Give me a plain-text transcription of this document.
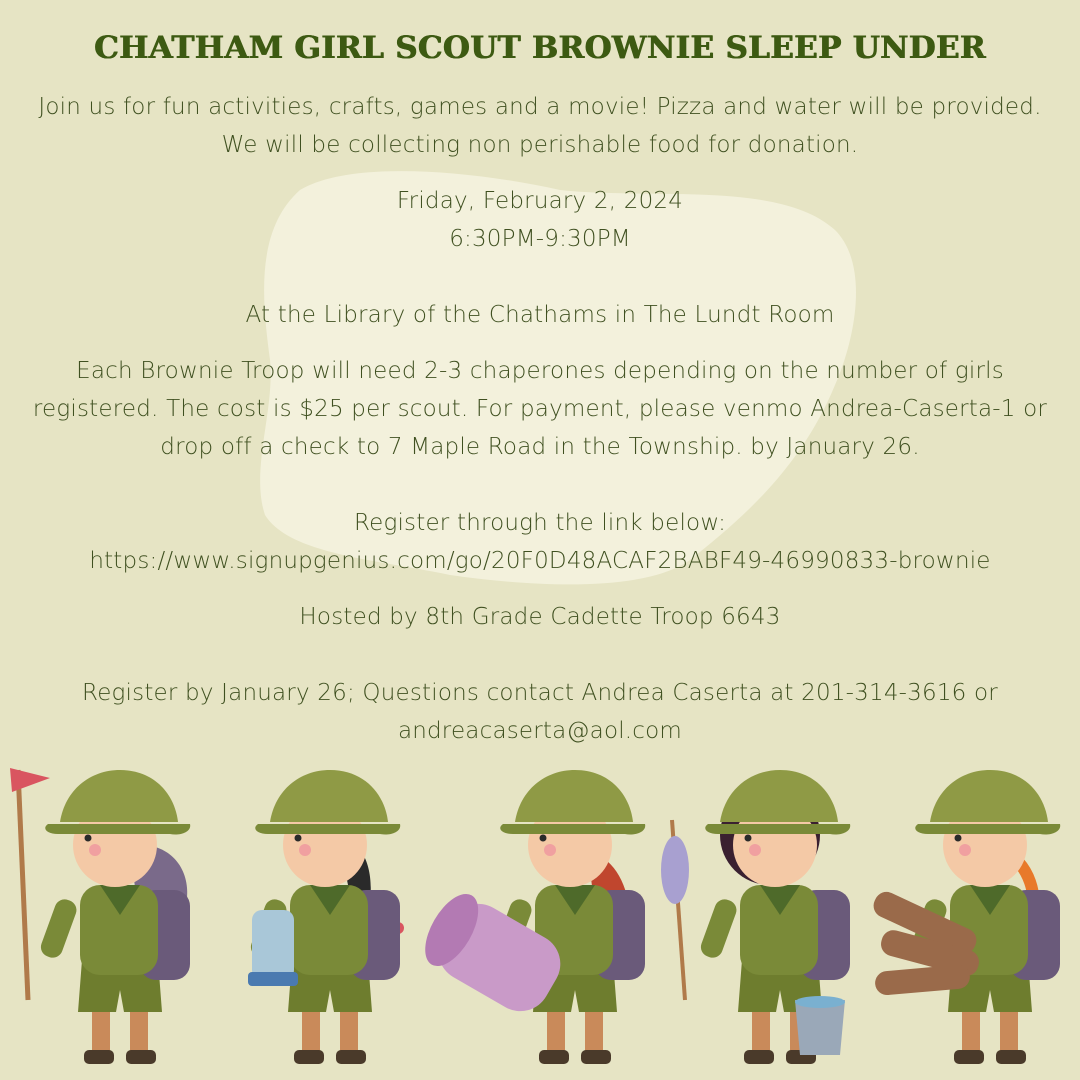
CHATHAM GIRL SCOUT BROWNIE SLEEP UNDER

Join us for fun activities, crafts, games and a movie! Pizza and water will be provided.

We will be collecting non perishable food for donation.

Friday, February 2, 2024

6:30PM-9:30PM

At the Library of the Chathams in The Lundt Room

Each Brownie Troop will need 2-3 chaperones depending on the number of girls

registered. The cost is $25 per scout. For payment, please venmo Andrea-Caserta-1 or

drop off a check to 7 Maple Road in the Township. by January 26.

Register through the link below:

https://www.signupgenius.com/go/20F0D48ACAF2BABF49-46990833-brownie

Hosted by 8th Grade Cadette Troop 6643

Register by January 26; Questions contact Andrea Caserta at 201-314-3616 or

andreacaserta@aol.com
